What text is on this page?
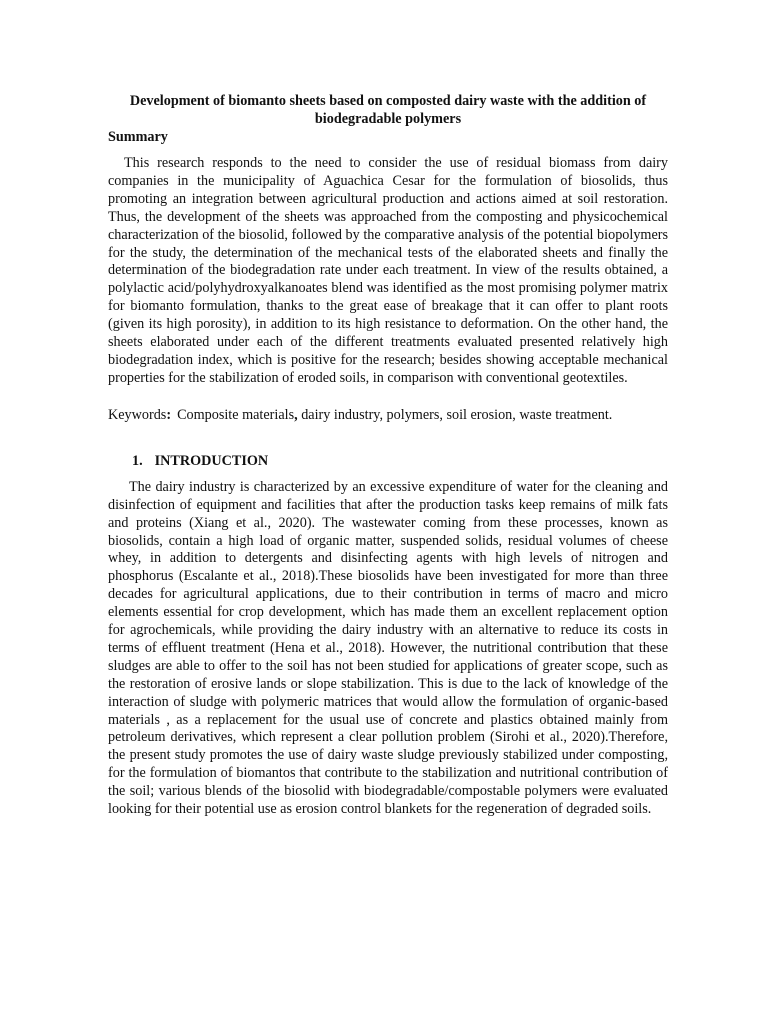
Development of biomanto sheets based on composted dairy waste with the addition of biodegradable polymers

Summary

This research responds to the need to consider the use of residual biomass from dairy companies in the municipality of Aguachica Cesar for the formulation of biosolids, thus promoting an integration between agricultural production and actions aimed at soil restoration. Thus, the development of the sheets was approached from the composting and physicochemical characterization of the biosolid, followed by the comparative analysis of the potential biopolymers for the study, the determination of the mechanical tests of the elaborated sheets and finally the determination of the biodegradation rate under each treatment. In view of the results obtained, a polylactic acid/polyhydroxyalkanoates blend was identified as the most promising polymer matrix for biomanto formulation, thanks to the great ease of breakage that it can offer to plant roots (given its high porosity), in addition to its high resistance to deformation. On the other hand, the sheets elaborated under each of the different treatments evaluated presented relatively high biodegradation index, which is positive for the research; besides showing acceptable mechanical properties for the stabilization of eroded soils, in comparison with conventional geotextiles.

Keywords: Composite materials, dairy industry, polymers, soil erosion, waste treatment.

1. INTRODUCTION

The dairy industry is characterized by an excessive expenditure of water for the cleaning and disinfection of equipment and facilities that after the production tasks keep remains of milk fats and proteins (Xiang et al., 2020). The wastewater coming from these processes, known as biosolids, contain a high load of organic matter, suspended solids, residual volumes of cheese whey, in addition to detergents and disinfecting agents with high levels of nitrogen and phosphorus (Escalante et al., 2018).These biosolids have been investigated for more than three decades for agricultural applications, due to their contribution in terms of macro and micro elements essential for crop development, which has made them an excellent replacement option for agrochemicals, while providing the dairy industry with an alternative to reduce its costs in terms of effluent treatment (Hena et al., 2018). However, the nutritional contribution that these sludges are able to offer to the soil has not been studied for applications of greater scope, such as the restoration of erosive lands or slope stabilization. This is due to the lack of knowledge of the interaction of sludge with polymeric matrices that would allow the formulation of organic-based materials , as a replacement for the usual use of concrete and plastics obtained mainly from petroleum derivatives, which represent a clear pollution problem (Sirohi et al., 2020).Therefore, the present study promotes the use of dairy waste sludge previously stabilized under composting, for the formulation of biomantos that contribute to the stabilization and nutritional contribution of the soil; various blends of the biosolid with biodegradable/compostable polymers were evaluated looking for their potential use as erosion control blankets for the regeneration of degraded soils.
